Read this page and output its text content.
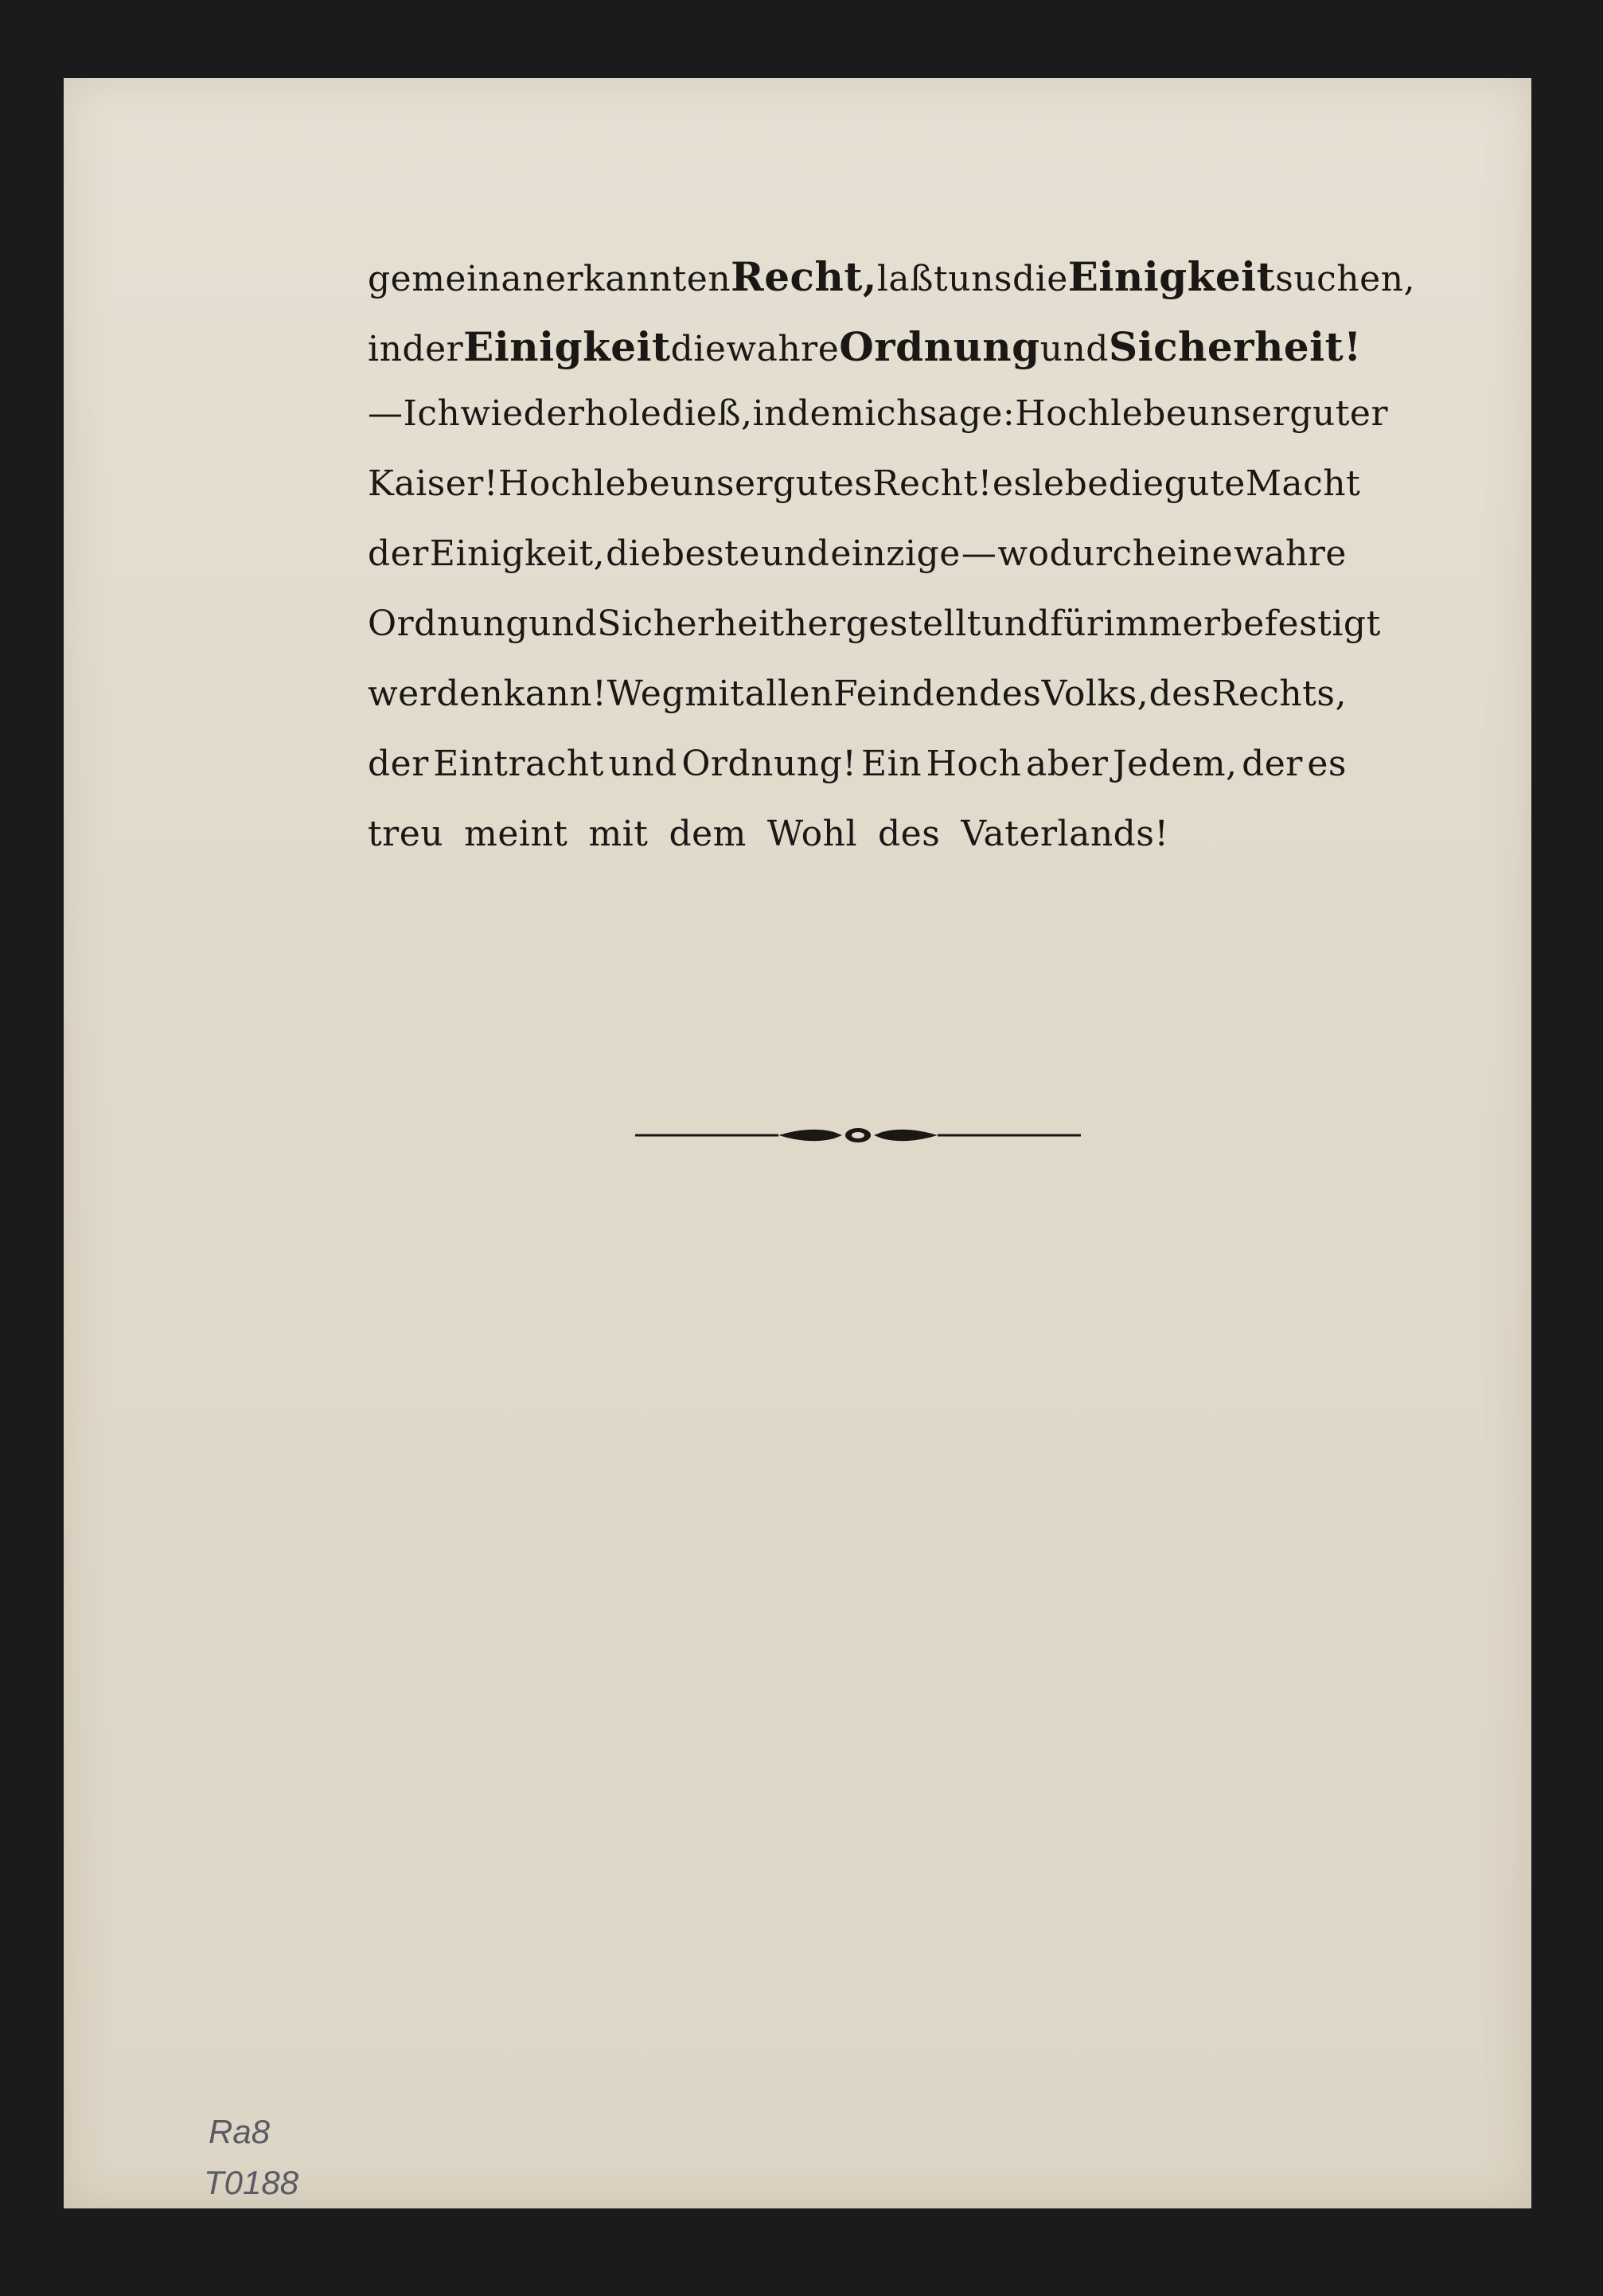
gemein anerkannten Recht, laßt uns die Einigkeit suchen,
in der Einigkeit die wahre Ordnung und Sicherheit!
— Ich wiederhole dieß, indem ich sage: Hoch lebe unser guter
Kaiser! Hoch lebe unser gutes Recht! es lebe die gute Macht
der Einigkeit, die beste und einzige — wodurch eine wahre
Ordnung und Sicherheit hergestellt und für immer befestigt
werden kann! Weg mit allen Feinden des Volks, des Rechts,
der Eintracht und Ordnung! Ein Hoch aber Jedem, der es
treu meint mit dem Wohl des Vaterlands!
Ra8
T0188
